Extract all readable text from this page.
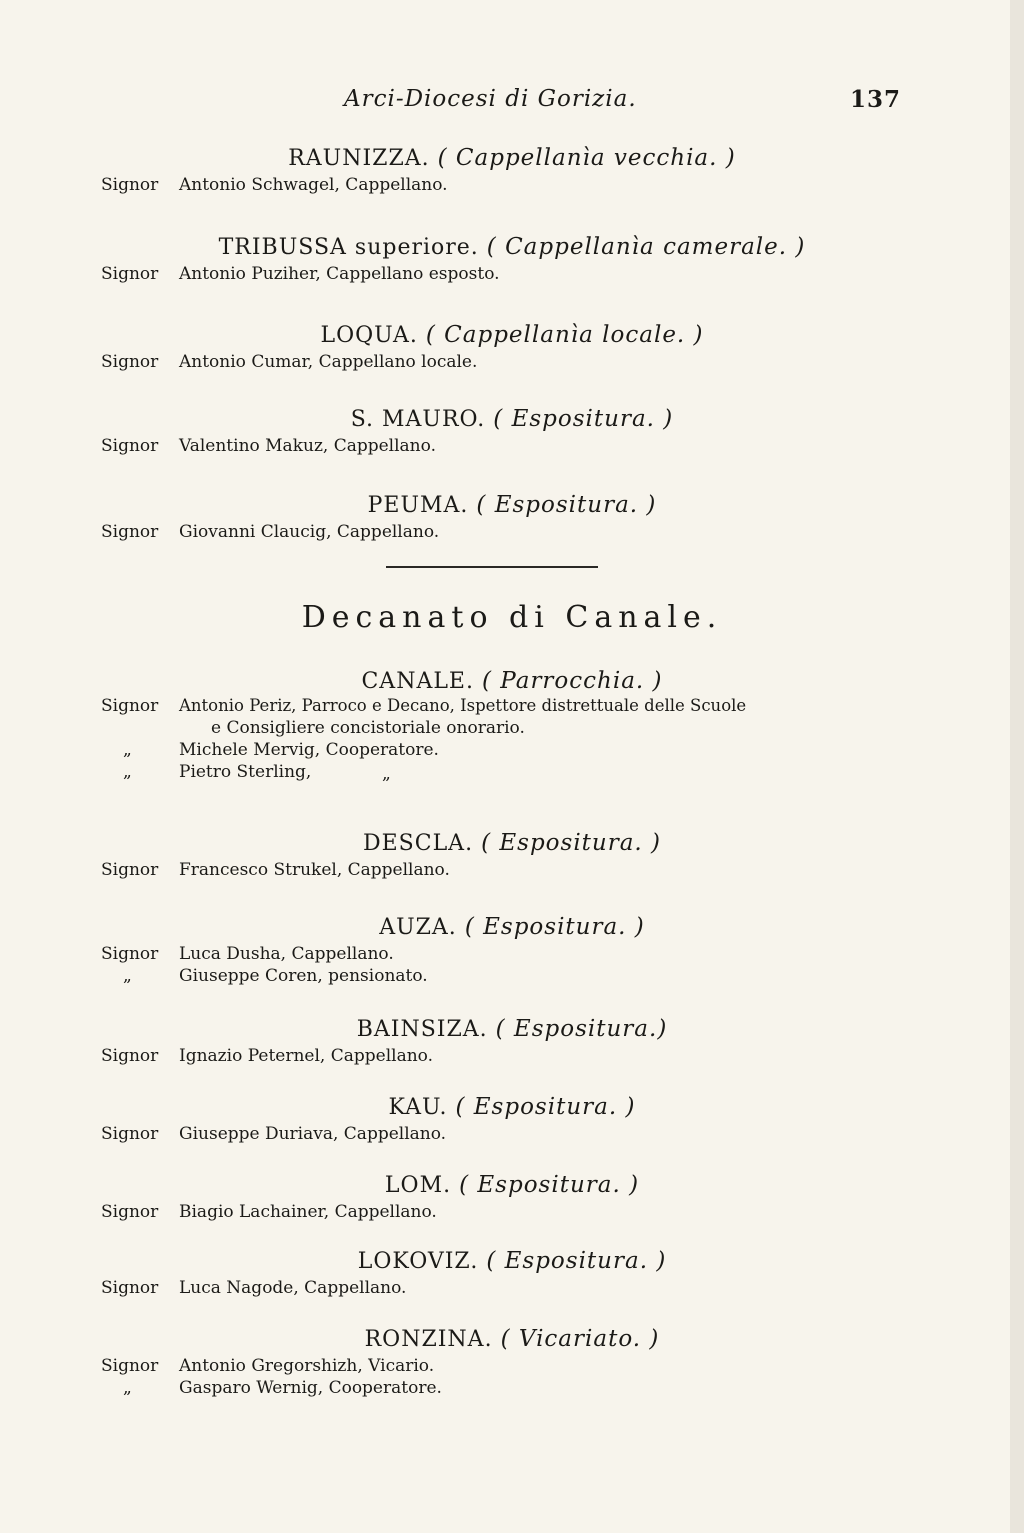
Arci-Diocesi di Gorizia.	137
RAUNIZZA. ( Cappellanìa vecchia. )
Signor Antonio Schwagel, Cappellano.
TRIBUSSA superiore. ( Cappellanìa camerale. )
Signor Antonio Puziher, Cappellano esposto.
LOQUA. ( Cappellanìa locale. )
Signor Antonio Cumar, Cappellano locale.
S. MAURO. ( Espositura. )
Signor Valentino Makuz, Cappellano.
PEUMA. ( Espositura. )
Signor Giovanni Claucig, Cappellano.
Decanato di Canale.
CANALE. ( Parrocchia. )
Signor Antonio Periz, Parroco e Decano, Ispettore distrettuale delle Scuole
e Consigliere concistoriale onorario.
„	Michele Mervig, Cooperatore.
„	Pietro Sterling,	„
DESCLA. ( Espositura. )
Signor Francesco Strukel, Cappellano.
AUZA. ( Espositura. )
Signor Luca Dusha, Cappellano.
„	Giuseppe Coren, pensionato.
BAINSIZA. ( Espositura.)
Signor Ignazio Peternel, Cappellano.
KAU. ( Espositura. )
Signor Giuseppe Duriava, Cappellano.
LOM. ( Espositura. )
Signor Biagio Lachainer, Cappellano.
LOKOVIZ. ( Espositura. )
Signor Luca Nagode, Cappellano.
RONZINA. ( Vicariato. )
Signor Antonio Gregorshizh, Vicario.
„	Gasparo Wernig, Cooperatore.
